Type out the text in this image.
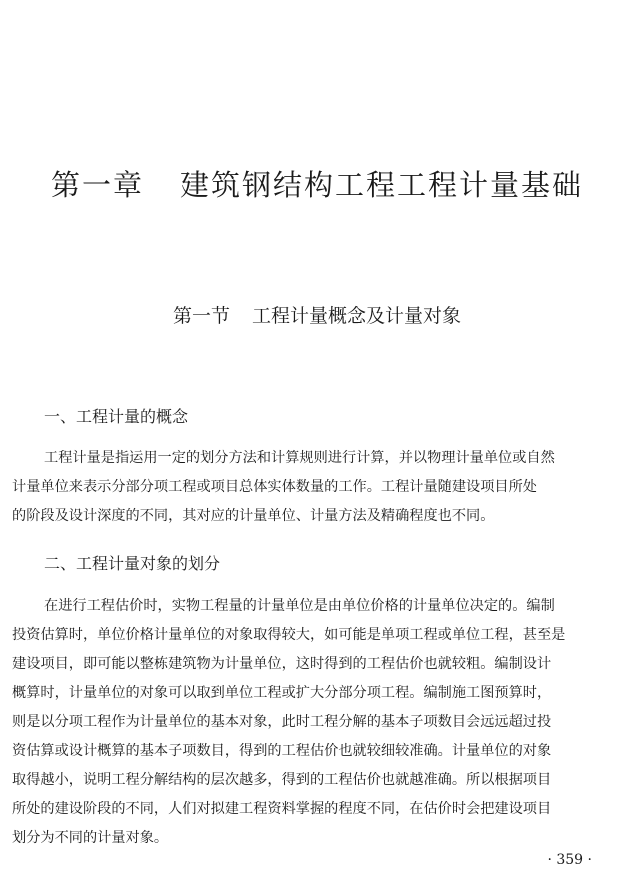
第一章 建筑钢结构工程工程计量基础
第一节 工程计量概念及计量对象
一、工程计量的概念
工程计量是指运用一定的划分方法和计算规则进行计算，并以物理计量单位或自然
计量单位来表示分部分项工程或项目总体实体数量的工作。工程计量随建设项目所处
的阶段及设计深度的不同，其对应的计量单位、计量方法及精确程度也不同。
二、工程计量对象的划分
在进行工程估价时，实物工程量的计量单位是由单位价格的计量单位决定的。编制
投资估算时，单位价格计量单位的对象取得较大，如可能是单项工程或单位工程，甚至是
建设项目，即可能以整栋建筑物为计量单位，这时得到的工程估价也就较粗。编制设计
概算时，计量单位的对象可以取到单位工程或扩大分部分项工程。编制施工图预算时，
则是以分项工程作为计量单位的基本对象，此时工程分解的基本子项数目会远远超过投
资估算或设计概算的基本子项数目，得到的工程估价也就较细较准确。计量单位的对象
取得越小，说明工程分解结构的层次越多，得到的工程估价也就越准确。所以根据项目
所处的建设阶段的不同，人们对拟建工程资料掌握的程度不同，在估价时会把建设项目
划分为不同的计量对象。
· 359 ·
